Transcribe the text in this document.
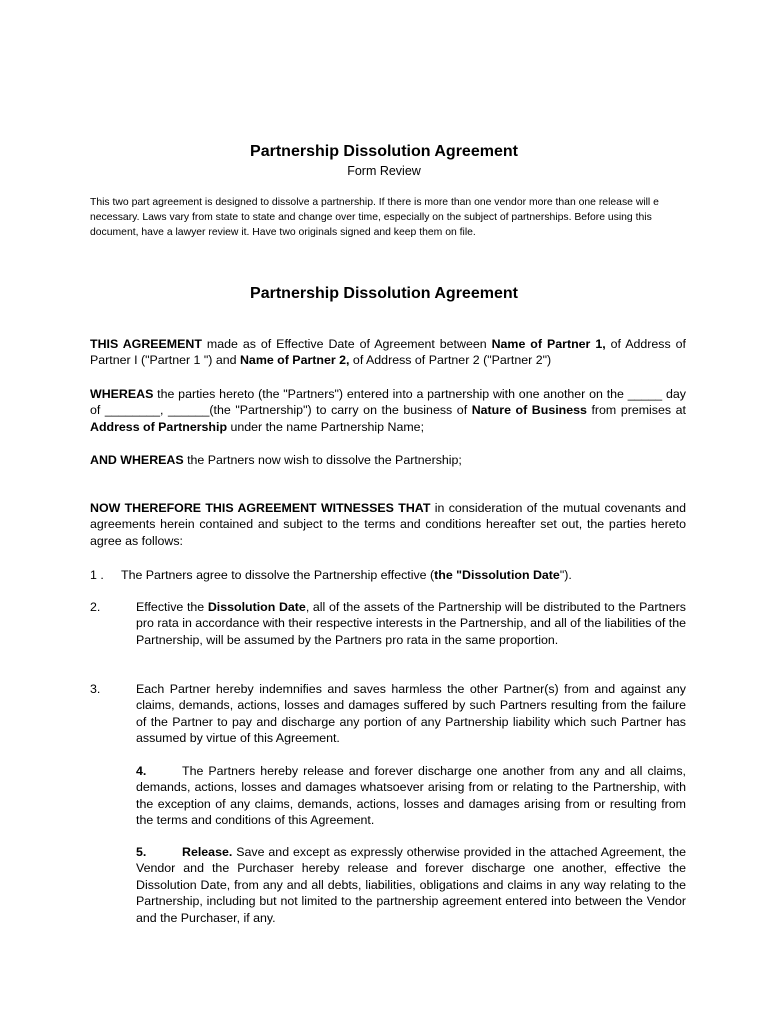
Partnership Dissolution Agreement
Form Review

This two part agreement is designed to dissolve a partnership. If there is more than one vendor more than one release will e necessary. Laws vary from state to state and change over time, especially on the subject of partnerships. Before using this document, have a lawyer review it. Have two originals signed and keep them on file.

Partnership Dissolution Agreement

THIS AGREEMENT made as of Effective Date of Agreement between Name of Partner 1, of Address of Partner I ("Partner 1 ") and Name of Partner 2, of Address of Partner 2 ("Partner 2")

WHEREAS the parties hereto (the "Partners") entered into a partnership with one another on the _____ day of ________, ______(the "Partnership") to carry on the business of Nature of Business from premises at Address of Partnership under the name Partnership Name;

AND WHEREAS the Partners now wish to dissolve the Partnership;

NOW THEREFORE THIS AGREEMENT WITNESSES THAT in consideration of the mutual covenants and agreements herein contained and subject to the terms and conditions hereafter set out, the parties hereto agree as follows:

1 . The Partners agree to dissolve the Partnership effective (the "Dissolution Date").
2.	Effective the Dissolution Date, all of the assets of the Partnership will be distributed to the Partners pro rata in accordance with their respective interests in the Partnership, and all of the liabilities of the Partnership, will be assumed by the Partners pro rata in the same proportion.
3.	Each Partner hereby indemnifies and saves harmless the other Partner(s) from and against any claims, demands, actions, losses and damages suffered by such Partners resulting from the failure of the Partner to pay and discharge any portion of any Partnership liability which such Partner has assumed by virtue of this Agreement.

4.	The Partners hereby release and forever discharge one another from any and all claims, demands, actions, losses and damages whatsoever arising from or relating to the Partnership, with the exception of any claims, demands, actions, losses and damages arising from or resulting from the terms and conditions of this Agreement.

5.	Release. Save and except as expressly otherwise provided in the attached Agreement, the Vendor and the Purchaser hereby release and forever discharge one another, effective the Dissolution Date, from any and all debts, liabilities, obligations and claims in any way relating to the Partnership, including but not limited to the partnership agreement entered into between the Vendor and the Purchaser, if any.
